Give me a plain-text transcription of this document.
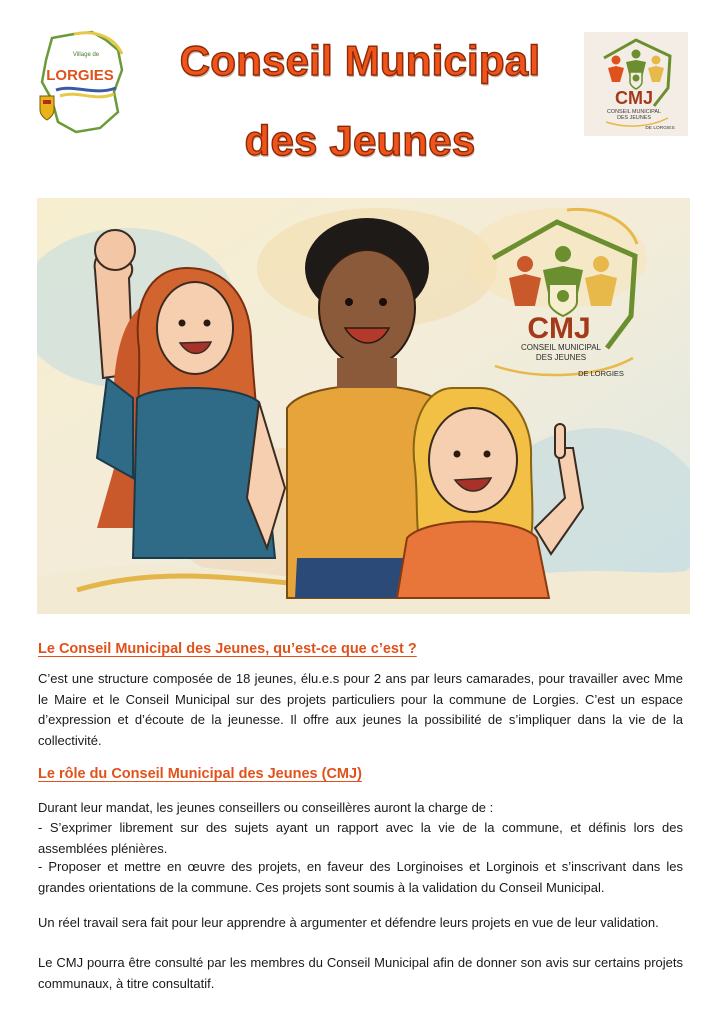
Village de
LORGIES	Conseil Municipal
des Jeunes
CMJ
CONSEIL MUNICIPAL
DES JEUNES
DE LORGIES
CMJ
CONSEIL MUNICIPAL
DES JEUNES
DE LORGIES
Le Conseil Municipal des Jeunes, qu’est-ce que c’est ?
C’est une structure composée de 18 jeunes, élu.e.s pour 2 ans par leurs camarades, pour travailler avec Mme le Maire et le Conseil Municipal sur des projets particuliers pour la commune de Lorgies. C’est un espace d’expression et d’écoute de la jeunesse. Il offre aux jeunes la possibilité de s’impliquer dans la vie de la collectivité.
Le rôle du Conseil Municipal des Jeunes (CMJ)
Durant leur mandat, les jeunes conseillers ou conseillères auront la charge de :
- S’exprimer librement sur des sujets ayant un rapport avec la vie de la commune, et définis lors des assemblées plénières.
- Proposer et mettre en œuvre des projets, en faveur des Lorginoises et Lorginois et s’inscrivant dans les grandes orientations de la commune. Ces projets sont soumis à la validation du Conseil Municipal.
Un réel travail sera fait pour leur apprendre à argumenter et défendre leurs projets en vue de leur validation.
Le CMJ pourra être consulté par les membres du Conseil Municipal afin de donner son avis sur certains projets communaux, à titre consultatif.
